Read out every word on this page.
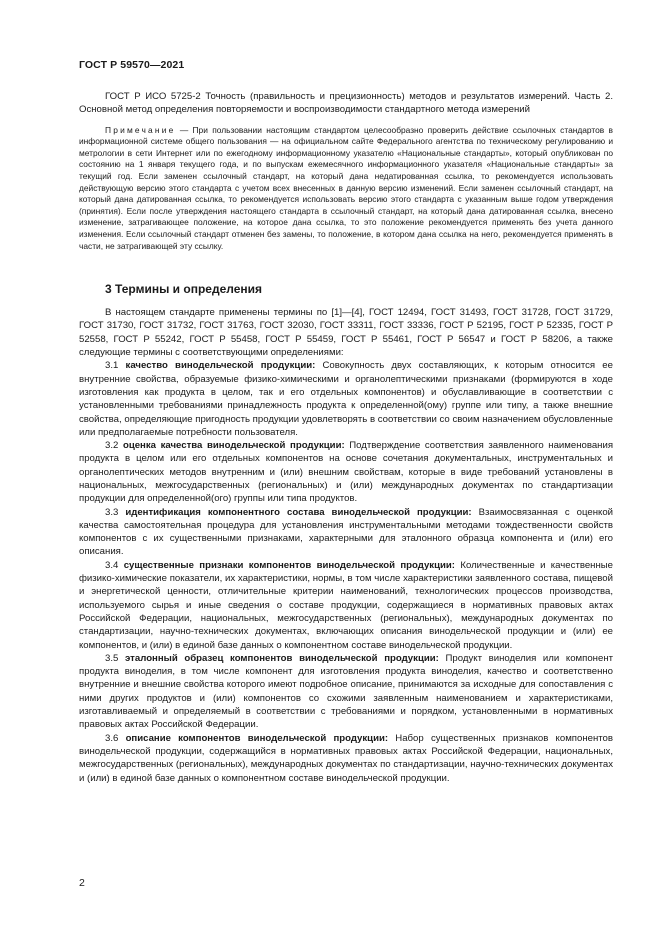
ГОСТ Р 59570—2021

ГОСТ Р ИСО 5725-2 Точность (правильность и прецизионность) методов и результатов измерений. Часть 2. Основной метод определения повторяемости и воспроизводимости стандартного метода измерений

Примечание — При пользовании настоящим стандартом целесообразно проверить действие ссылочных стандартов в информационной системе общего пользования — на официальном сайте Федерального агентства по техническому регулированию и метрологии в сети Интернет или по ежегодному информационному указателю «Национальные стандарты», который опубликован по состоянию на 1 января текущего года, и по выпускам ежемесячного информационного указателя «Национальные стандарты» за текущий год. Если заменен ссылочный стандарт, на который дана недатированная ссылка, то рекомендуется использовать действующую версию этого стандарта с учетом всех внесенных в данную версию изменений. Если заменен ссылочный стандарт, на который дана датированная ссылка, то рекомендуется использовать версию этого стандарта с указанным выше годом утверждения (принятия). Если после утверждения настоящего стандарта в ссылочный стандарт, на который дана датированная ссылка, внесено изменение, затрагивающее положение, на которое дана ссылка, то это положение рекомендуется применять без учета данного изменения. Если ссылочный стандарт отменен без замены, то положение, в котором дана ссылка на него, рекомендуется применять в части, не затрагивающей эту ссылку.

3 Термины и определения

В настоящем стандарте применены термины по [1]—[4], ГОСТ 12494, ГОСТ 31493, ГОСТ 31728, ГОСТ 31729, ГОСТ 31730, ГОСТ 31732, ГОСТ 31763, ГОСТ 32030, ГОСТ 33311, ГОСТ 33336, ГОСТ Р 52195, ГОСТ Р 52335, ГОСТ Р 52558, ГОСТ Р 55242, ГОСТ Р 55458, ГОСТ Р 55459, ГОСТ Р 55461, ГОСТ Р 56547 и ГОСТ Р 58206, а также следующие термины с соответствующими определениями:

3.1 качество винодельческой продукции: Совокупность двух составляющих, к которым относится ее внутренние свойства, образуемые физико-химическими и органолептическими признаками (формируются в ходе изготовления как продукта в целом, так и его отдельных компонентов) и обуславливающие в соответствии с установленными требованиями принадлежность продукта к определенной(ому) группе или типу, а также внешние свойства, определяющие пригодность продукции удовлетворять в соответствии со своим назначением обусловленные или предполагаемые потребности пользователя.

3.2 оценка качества винодельческой продукции: Подтверждение соответствия заявленного наименования продукта в целом или его отдельных компонентов на основе сочетания документальных, инструментальных и органолептических методов внутренним и (или) внешним свойствам, которые в виде требований установлены в национальных, межгосударственных (региональных) и (или) международных документах по стандартизации продукции для определенной(ого) группы или типа продуктов.

3.3 идентификация компонентного состава винодельческой продукции: Взаимосвязанная с оценкой качества самостоятельная процедура для установления инструментальными методами тождественности свойств компонентов с их существенными признаками, характерными для эталонного образца компонента и (или) его описания.

3.4 существенные признаки компонентов винодельческой продукции: Количественные и качественные физико-химические показатели, их характеристики, нормы, в том числе характеристики заявленного состава, пищевой и энергетической ценности, отличительные критерии наименований, технологических процессов производства, используемого сырья и иные сведения о составе продукции, содержащиеся в нормативных правовых актах Российской Федерации, национальных, межгосударственных (региональных), международных документах по стандартизации, научно-технических документах, включающих описания винодельческой продукции и (или) ее компонентов, и (или) в единой базе данных о компонентном составе винодельческой продукции.

3.5 эталонный образец компонентов винодельческой продукции: Продукт виноделия или компонент продукта виноделия, в том числе компонент для изготовления продукта виноделия, качество и соответственно внутренние и внешние свойства которого имеют подробное описание, принимаются за исходные для сопоставления с ними других продуктов и (или) компонентов со схожими заявленным наименованием и характеристиками, изготавливаемый и определяемый в соответствии с требованиями и порядком, установленными в нормативных правовых актах Российской Федерации.

3.6 описание компонентов винодельческой продукции: Набор существенных признаков компонентов винодельческой продукции, содержащийся в нормативных правовых актах Российской Федерации, национальных, межгосударственных (региональных), международных документах по стандартизации, научно-технических документах и (или) в единой базе данных о компонентном составе винодельческой продукции.

2
